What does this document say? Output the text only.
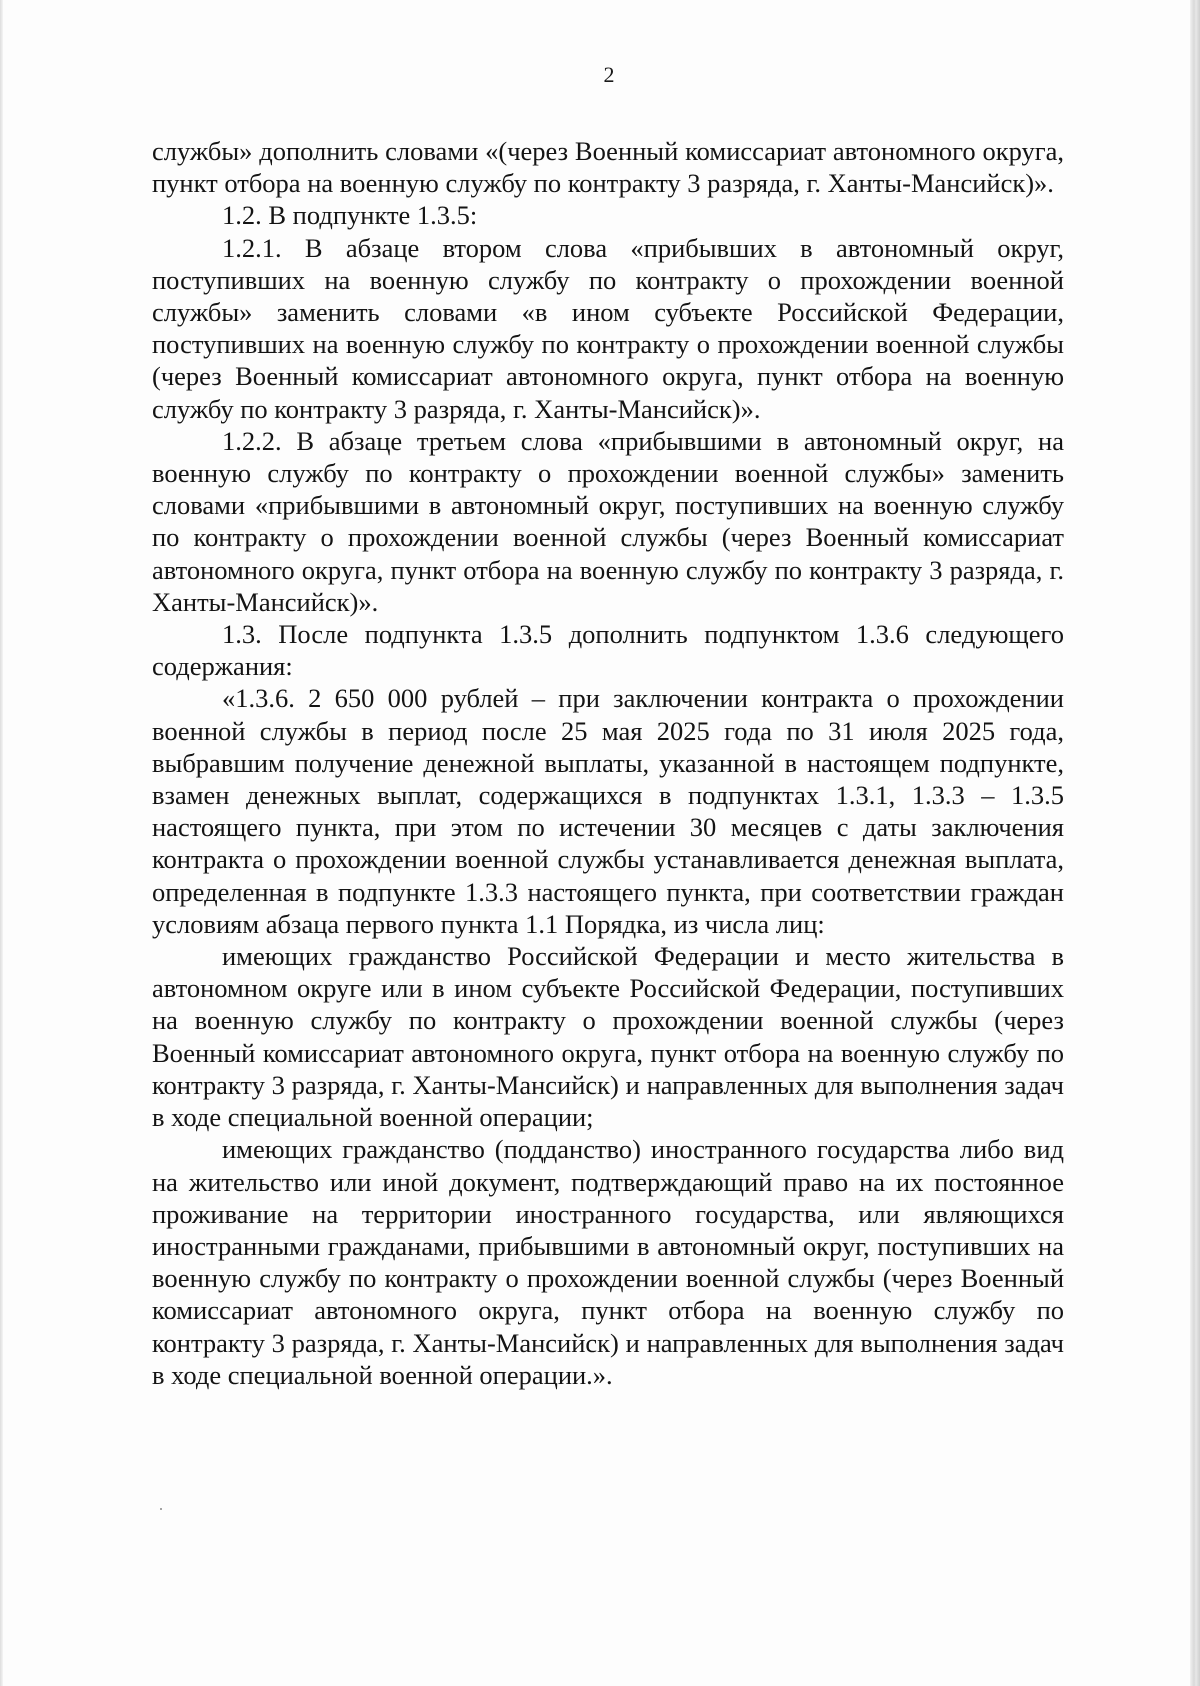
2

службы» дополнить словами «(через Военный комиссариат автономного округа, пункт отбора на военную службу по контракту 3 разряда, г. Ханты-Мансийск)».

1.2. В подпункте 1.3.5:

1.2.1. В абзаце втором слова «прибывших в автономный округ, поступивших на военную службу по контракту о прохождении военной службы» заменить словами «в ином субъекте Российской Федерации, поступивших на военную службу по контракту о прохождении военной службы (через Военный комиссариат автономного округа, пункт отбора на военную службу по контракту 3 разряда, г. Ханты-Мансийск)».

1.2.2. В абзаце третьем слова «прибывшими в автономный округ, на военную службу по контракту о прохождении военной службы» заменить словами «прибывшими в автономный округ, поступивших на военную службу по контракту о прохождении военной службы (через Военный комиссариат автономного округа, пункт отбора на военную службу по контракту 3 разряда, г. Ханты-Мансийск)».

1.3. После подпункта 1.3.5 дополнить подпунктом 1.3.6 следующего содержания:

«1.3.6. 2 650 000 рублей – при заключении контракта о прохождении военной службы в период после 25 мая 2025 года по 31 июля 2025 года, выбравшим получение денежной выплаты, указанной в настоящем подпункте, взамен денежных выплат, содержащихся в подпунктах 1.3.1, 1.3.3 – 1.3.5 настоящего пункта, при этом по истечении 30 месяцев с даты заключения контракта о прохождении военной службы устанавливается денежная выплата, определенная в подпункте 1.3.3 настоящего пункта, при соответствии граждан условиям абзаца первого пункта 1.1 Порядка, из числа лиц:

имеющих гражданство Российской Федерации и место жительства в автономном округе или в ином субъекте Российской Федерации, поступивших на военную службу по контракту о прохождении военной службы (через Военный комиссариат автономного округа, пункт отбора на военную службу по контракту 3 разряда, г. Ханты-Мансийск) и направленных для выполнения задач в ходе специальной военной операции;

имеющих гражданство (подданство) иностранного государства либо вид на жительство или иной документ, подтверждающий право на их постоянное проживание на территории иностранного государства, или являющихся иностранными гражданами, прибывшими в автономный округ, поступивших на военную службу по контракту о прохождении военной службы (через Военный комиссариат автономного округа, пункт отбора на военную службу по контракту 3 разряда, г. Ханты-Мансийск) и направленных для выполнения задач в ходе специальной военной операции.».
